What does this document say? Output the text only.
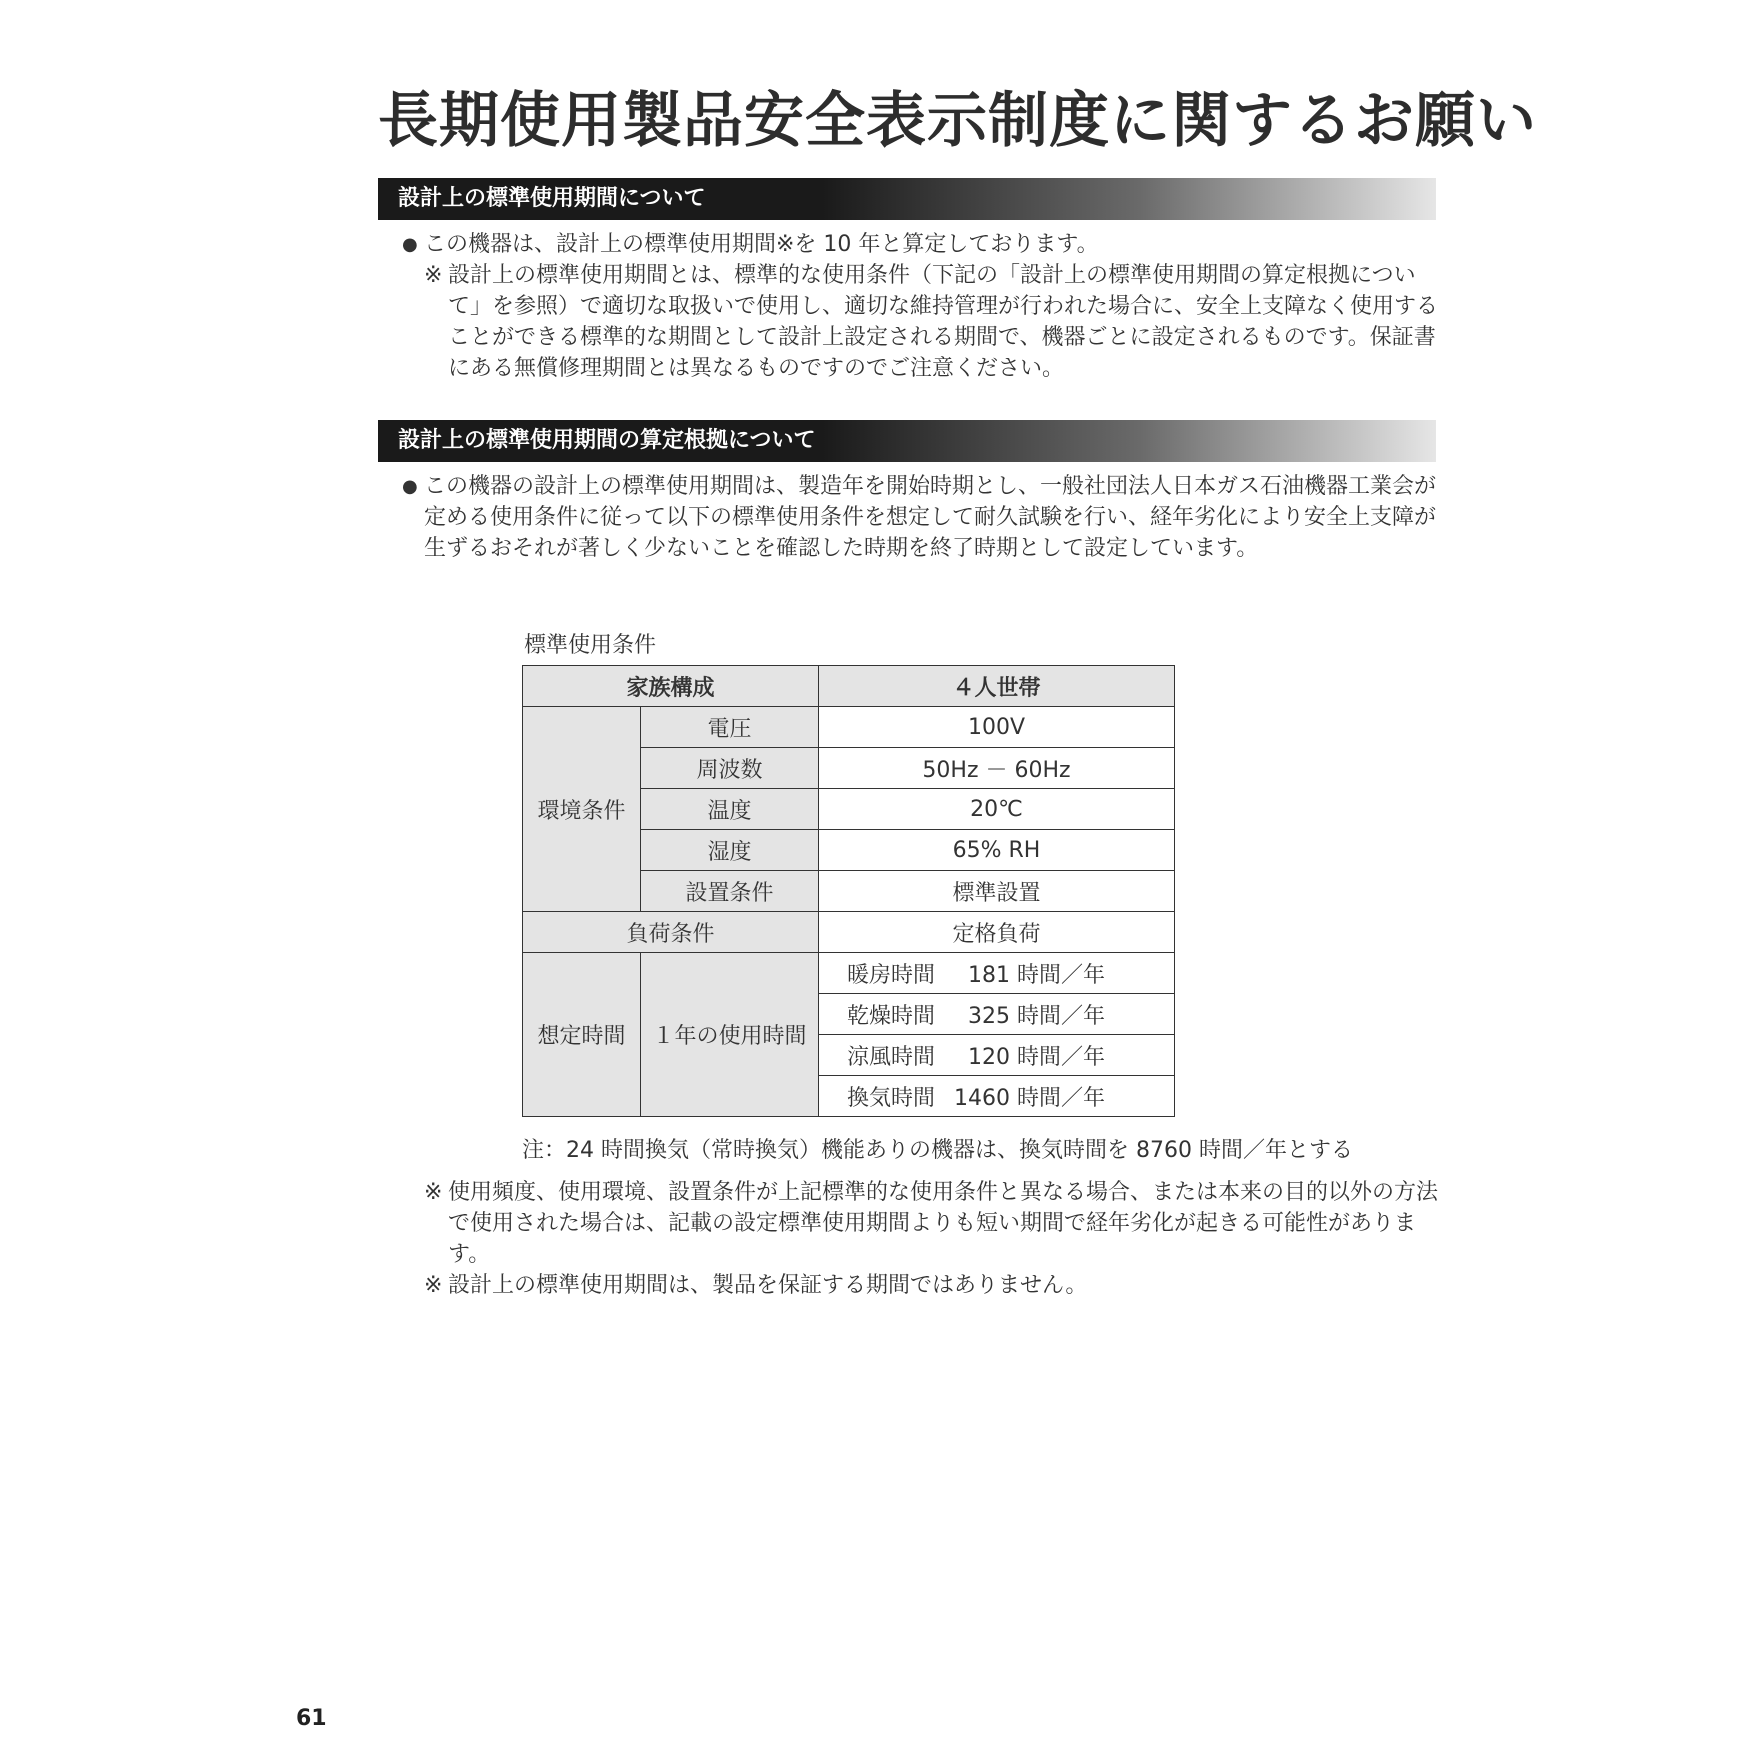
長期使用製品安全表示制度に関するお願い
設計上の標準使用期間について
● この機器は、設計上の標準使用期間※を 10 年と算定しております。
※ 設計上の標準使用期間とは、標準的な使用条件（下記の「設計上の標準使用期間の算定根拠について」を参照）で適切な取扱いで使用し、適切な維持管理が行われた場合に、安全上支障なく使用することができる標準的な期間として設計上設定される期間で、機器ごとに設定されるものです。保証書にある無償修理期間とは異なるものですのでご注意ください。
設計上の標準使用期間の算定根拠について
● この機器の設計上の標準使用期間は、製造年を開始時期とし、一般社団法人日本ガス石油機器工業会が定める使用条件に従って以下の標準使用条件を想定して耐久試験を行い、経年劣化により安全上支障が生ずるおそれが著しく少ないことを確認した時期を終了時期として設定しています。
標準使用条件
家族構成		４人世帯
環境条件	電圧	100V
	周波数	50Hz － 60Hz
	温度	20℃
	湿度	65% RH
	設置条件	標準設置
負荷条件		定格負荷
想定時間	１年の使用時間	暖房時間 181 時間／年
		乾燥時間 325 時間／年
		涼風時間 120 時間／年
		換気時間 1460 時間／年
注：24 時間換気（常時換気）機能ありの機器は、換気時間を 8760 時間／年とする
※ 使用頻度、使用環境、設置条件が上記標準的な使用条件と異なる場合、または本来の目的以外の方法で使用された場合は、記載の設定標準使用期間よりも短い期間で経年劣化が起きる可能性があります。
※ 設計上の標準使用期間は、製品を保証する期間ではありません。
61
